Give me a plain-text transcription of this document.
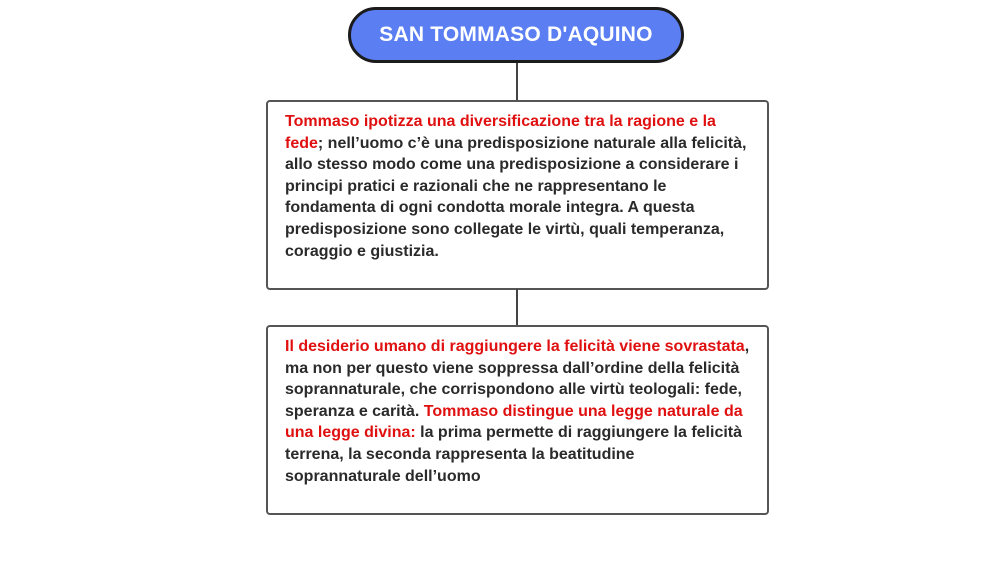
SAN TOMMASO D'AQUINO
Tommaso ipotizza una diversificazione tra la ragione e la fede; nell’uomo c’è una predisposizione naturale alla felicità, allo stesso modo come una predisposizione a considerare i principi pratici e razionali che ne rappresentano le fondamenta di ogni condotta morale integra. A questa predisposizione sono collegate le virtù, quali temperanza, coraggio e giustizia.
Il desiderio umano di raggiungere la felicità viene sovrastata, ma non per questo viene soppressa dall’ordine della felicità soprannaturale, che corrispondono alle virtù teologali: fede, speranza e carità. Tommaso distingue una legge naturale da una legge divina: la prima permette di raggiungere la felicità terrena, la seconda rappresenta la beatitudine soprannaturale dell’uomo
